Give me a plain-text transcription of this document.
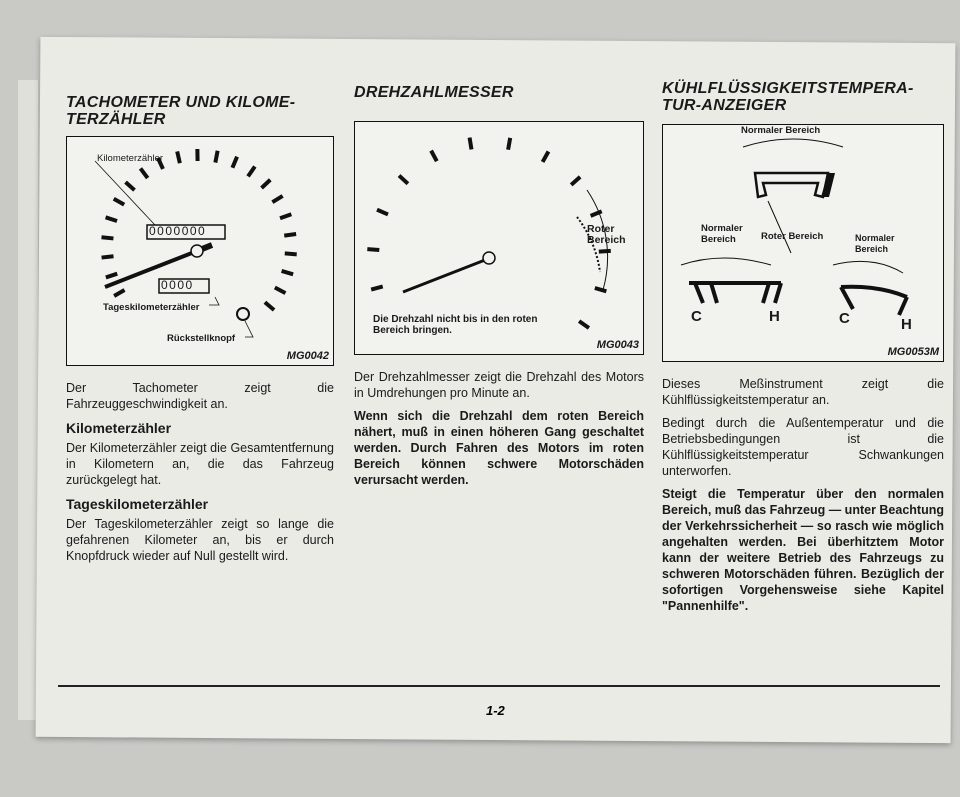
TACHOMETER UND KILOME-TERZÄHLER
Kilometerzähler
0000000
0000
Tageskilometerzähler
Rückstellknopf
MG0042

Der Tachometer zeigt die Fahrzeuggeschwindigkeit an.

Kilometerzähler

Der Kilometerzähler zeigt die Gesamtentfernung in Kilometern an, die das Fahrzeug zurückgelegt hat.

Tageskilometerzähler

Der Tageskilometerzähler zeigt so lange die gefahrenen Kilometer an, bis er durch Knopfdruck wieder auf Null gestellt wird.

DREHZAHLMESSER
Roter Bereich
Die Drehzahl nicht bis in den roten Bereich bringen.
MG0043

Der Drehzahlmesser zeigt die Drehzahl des Motors in Umdrehungen pro Minute an.

Wenn sich die Drehzahl dem roten Bereich nähert, muß in einen höheren Gang geschaltet werden. Durch Fahren des Motors im roten Bereich können schwere Motorschäden verursacht werden.

KÜHLFLÜSSIGKEITSTEMPERA-TUR-ANZEIGER
Normaler Bereich
Normaler Bereich	Roter Bereich	Normaler Bereich
C	H	C	H
MG0053M

Dieses Meßinstrument zeigt die Kühlflüssigkeitstemperatur an.

Bedingt durch die Außentemperatur und die Betriebsbedingungen ist die Kühlflüssigkeitstemperatur Schwankungen unterworfen.

Steigt die Temperatur über den normalen Bereich, muß das Fahrzeug — unter Beachtung der Verkehrssicherheit — so rasch wie möglich angehalten werden. Bei überhitztem Motor kann der weitere Betrieb des Fahrzeugs zu schweren Motorschäden führen. Bezüglich der sofortigen Vorgehensweise siehe Kapitel "Pannenhilfe".

1-2
